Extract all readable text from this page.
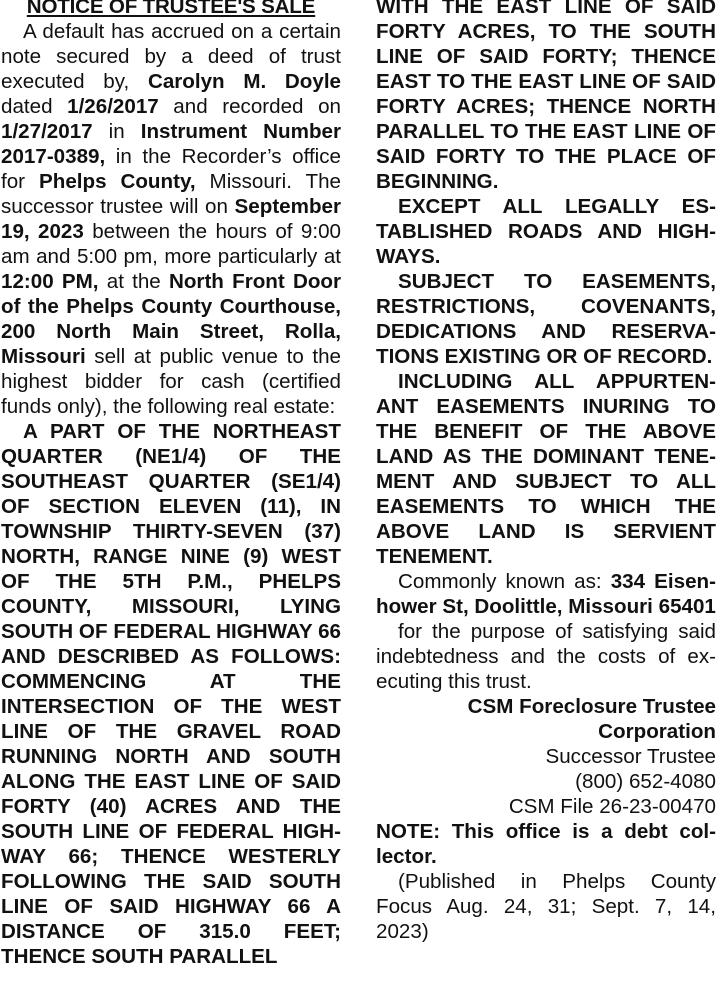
NOTICE OF TRUSTEE'S SALE

A default has accrued on a certain note secured by a deed of trust executed by, Carolyn M. Doyle dated 1/26/2017 and recorded on 1/27/2017 in Instrument Number 2017-0389, in the Recorder’s office for Phelps County, Missouri. The successor trustee will on September 19, 2023 between the hours of 9:00 am and 5:00 pm, more particularly at 12:00 PM, at the North Front Door of the Phelps County Courthouse, 200 North Main Street, Rolla, Missouri sell at public venue to the highest bidder for cash (certified funds only), the following real estate:

A PART OF THE NORTHEAST QUARTER (NE1/4) OF THE SOUTHEAST QUARTER (SE1/4) OF SECTION ELEVEN (11), IN TOWNSHIP THIRTY-SEVEN (37) NORTH, RANGE NINE (9) WEST OF THE 5TH P.M., PHELPS COUNTY, MISSOURI, LYING SOUTH OF FEDERAL HIGHWAY 66 AND DESCRIBED AS FOLLOWS: COMMENCING AT THE INTERSECTION OF THE WEST LINE OF THE GRAVEL ROAD RUNNING NORTH AND SOUTH ALONG THE EAST LINE OF SAID FORTY (40) ACRES AND THE SOUTH LINE OF FEDERAL HIGHWAY 66; THENCE WESTERLY FOLLOWING THE SAID SOUTH LINE OF SAID HIGHWAY 66 A DISTANCE OF 315.0 FEET; THENCE SOUTH PARALLEL

WITH THE EAST LINE OF SAID FORTY ACRES, TO THE SOUTH LINE OF SAID FORTY; THENCE EAST TO THE EAST LINE OF SAID FORTY ACRES; THENCE NORTH PARALLEL TO THE EAST LINE OF SAID FORTY TO THE PLACE OF BEGINNING.

EXCEPT ALL LEGALLY ESTABLISHED ROADS AND HIGHWAYS.

SUBJECT TO EASEMENTS, RESTRICTIONS, COVENANTS, DEDICATIONS AND RESERVATIONS EXISTING OR OF RECORD.

INCLUDING ALL APPURTENANT EASEMENTS INURING TO THE BENEFIT OF THE ABOVE LAND AS THE DOMINANT TENEMENT AND SUBJECT TO ALL EASEMENTS TO WHICH THE ABOVE LAND IS SERVIENT TENEMENT.

Commonly known as: 334 Eisenhower St, Doolittle, Missouri 65401

for the purpose of satisfying said indebtedness and the costs of executing this trust.

CSM Foreclosure Trustee Corporation

Successor Trustee

(800) 652-4080

CSM File 26-23-00470

NOTE: This office is a debt collector.

(Published in Phelps County Focus Aug. 24, 31; Sept. 7, 14, 2023)
